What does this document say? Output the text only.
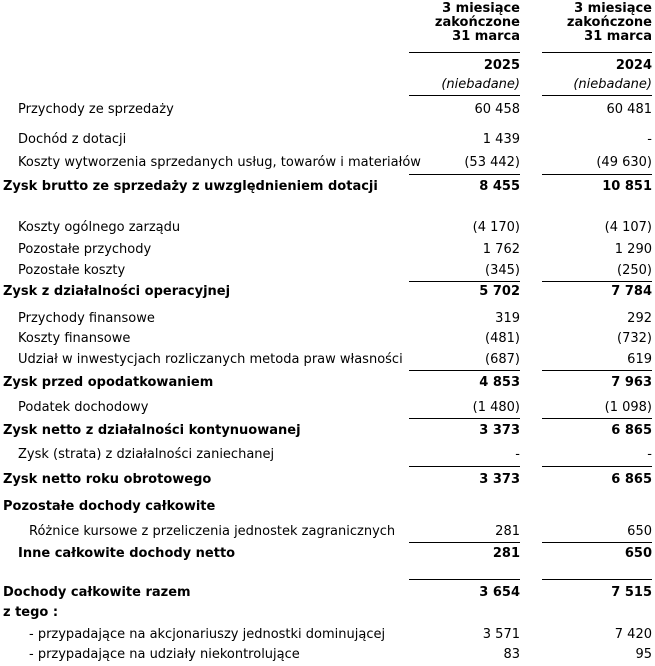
3 miesiące
zakończone
31 marca
3 miesiące
zakończone
31 marca
2025	2024
(niebadane)	(niebadane)
Przychody ze sprzedaży	60 458	60 481
Dochód z dotacji	1 439	-
Koszty wytworzenia sprzedanych usług, towarów i materiałów	(53 442)	(49 630)
Zysk brutto ze sprzedaży z uwzględnieniem dotacji	8 455	10 851
Koszty ogólnego zarządu	(4 170)	(4 107)
Pozostałe przychody	1 762	1 290
Pozostałe koszty	(345)	(250)
Zysk z działalności operacyjnej	5 702	7 784
Przychody finansowe	319	292
Koszty finansowe	(481)	(732)
Udział w inwestycjach rozliczanych metoda praw własności	(687)	619
Zysk przed opodatkowaniem	4 853	7 963
Podatek dochodowy	(1 480)	(1 098)
Zysk netto z działalności kontynuowanej	3 373	6 865
Zysk (strata) z działalności zaniechanej	-	-
Zysk netto roku obrotowego	3 373	6 865
Pozostałe dochody całkowite
Różnice kursowe z przeliczenia jednostek zagranicznych	281	650
Inne całkowite dochody netto	281	650
Dochody całkowite razem	3 654	7 515
z tego :
- przypadające na akcjonariuszy jednostki dominującej	3 571	7 420
- przypadające na udziały niekontrolujące	83	95
